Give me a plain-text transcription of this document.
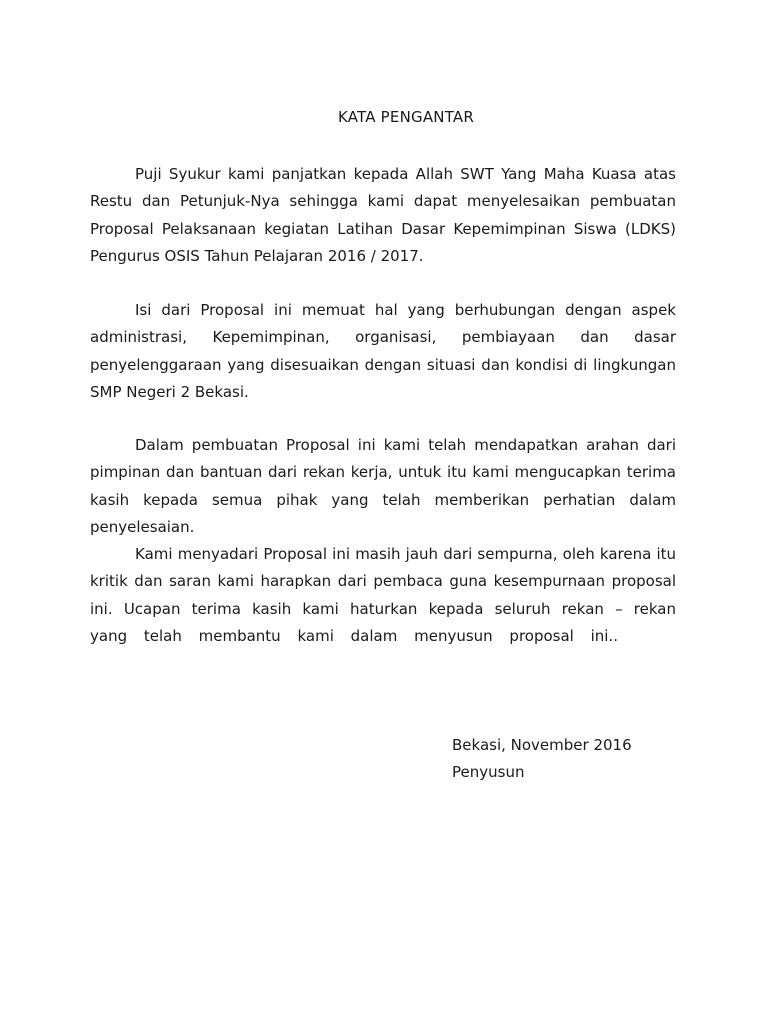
KATA PENGANTAR
Puji Syukur kami panjatkan kepada Allah SWT Yang Maha Kuasa atas
Restu dan Petunjuk-Nya sehingga kami dapat menyelesaikan pembuatan
Proposal Pelaksanaan kegiatan Latihan Dasar Kepemimpinan Siswa (LDKS)
Pengurus OSIS Tahun Pelajaran 2016 / 2017.
Isi dari Proposal ini memuat hal yang berhubungan dengan aspek
administrasi, Kepemimpinan, organisasi, pembiayaan dan dasar
penyelenggaraan yang disesuaikan dengan situasi dan kondisi di lingkungan
SMP Negeri 2 Bekasi.
Dalam pembuatan Proposal ini kami telah mendapatkan arahan dari
pimpinan dan bantuan dari rekan kerja, untuk itu kami mengucapkan terima
kasih kepada semua pihak yang telah memberikan perhatian dalam
penyelesaian.
Kami menyadari Proposal ini masih jauh dari sempurna, oleh karena itu
kritik dan saran kami harapkan dari pembaca guna kesempurnaan proposal
ini. Ucapan terima kasih kami haturkan kepada seluruh rekan – rekan
yang telah membantu kami dalam menyusun proposal ini..
Bekasi, November 2016
Penyusun
